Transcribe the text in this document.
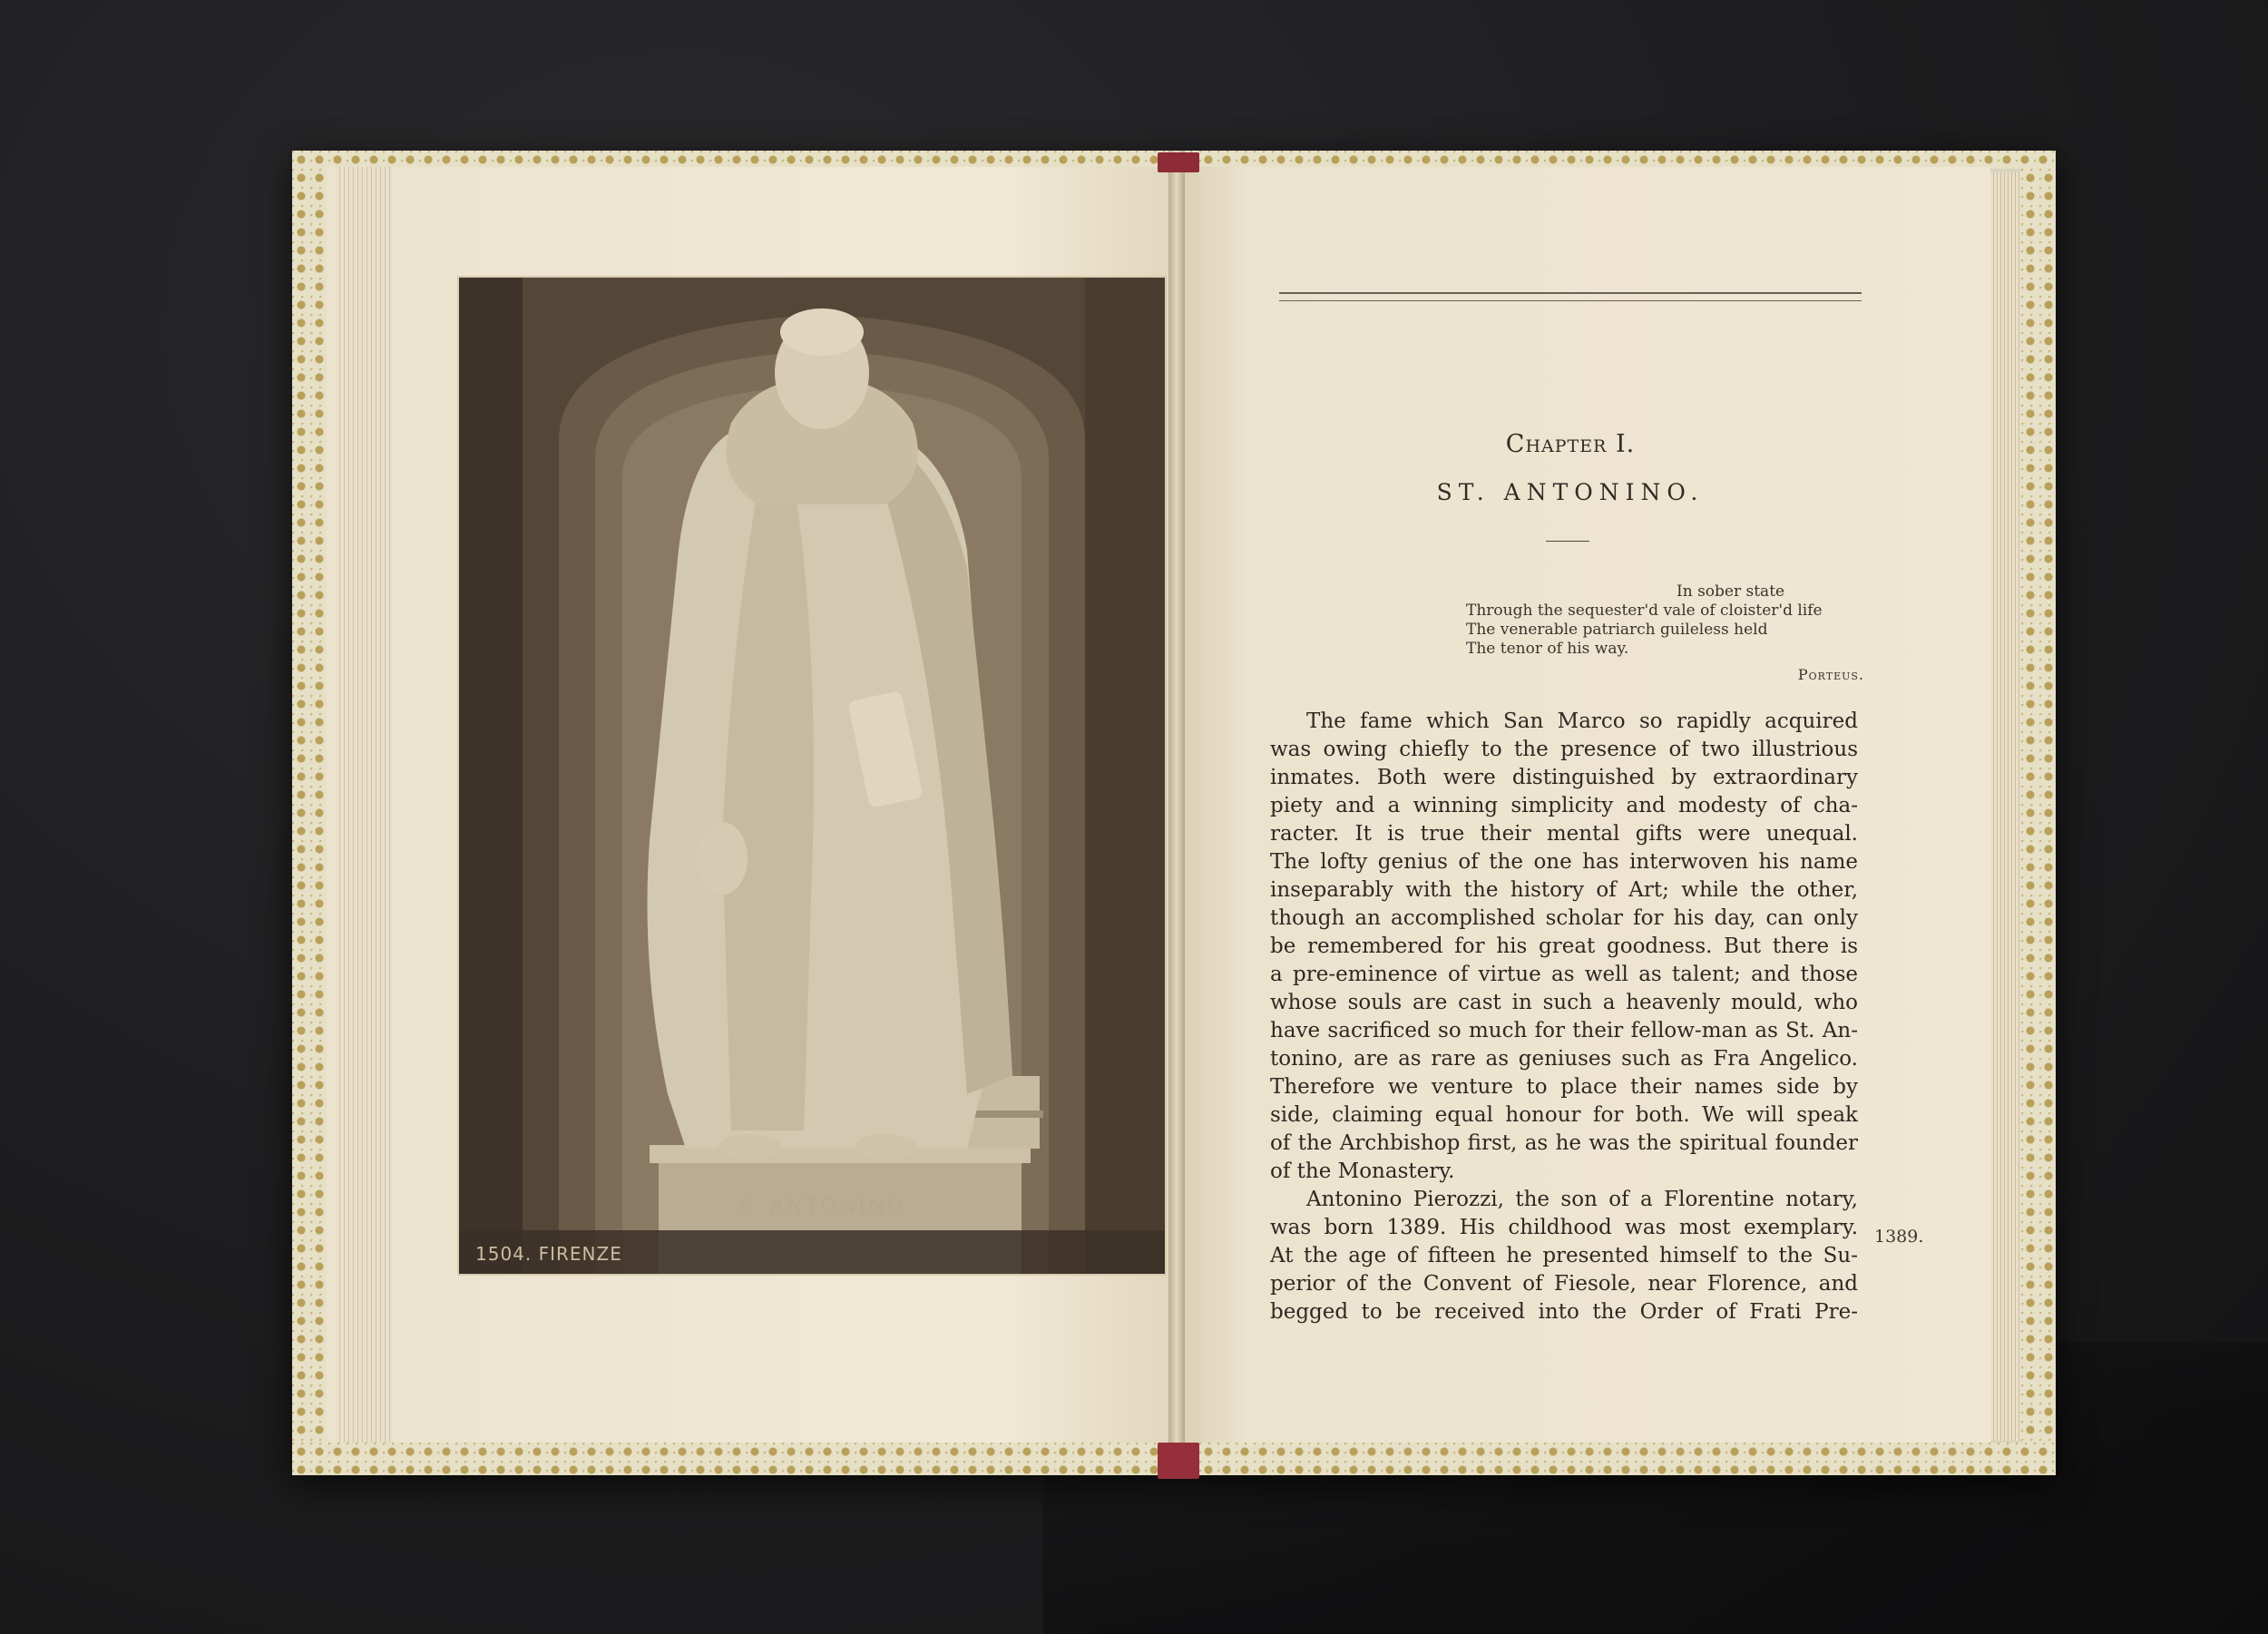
S. ANTONINO
1504. FIRENZE
Chapter I.
ST. ANTONINO.
In sober state
Through the sequester'd vale of cloister'd life
The venerable patriarch guileless held
The tenor of his way.
Porteus.
The fame which San Marco so rapidly acquired
was owing chiefly to the presence of two illustrious
inmates. Both were distinguished by extraordinary
piety and a winning simplicity and modesty of cha-
racter. It is true their mental gifts were unequal.
The lofty genius of the one has interwoven his name
inseparably with the history of Art; while the other,
though an accomplished scholar for his day, can only
be remembered for his great goodness. But there is
a pre-eminence of virtue as well as talent; and those
whose souls are cast in such a heavenly mould, who
have sacrificed so much for their fellow-man as St. An-
tonino, are as rare as geniuses such as Fra Angelico.
Therefore we venture to place their names side by
side, claiming equal honour for both. We will speak
of the Archbishop first, as he was the spiritual founder
of the Monastery.
Antonino Pierozzi, the son of a Florentine notary,
was born 1389. His childhood was most exemplary.
At the age of fifteen he presented himself to the Su-
perior of the Convent of Fiesole, near Florence, and
begged to be received into the Order of Frati Pre-
1389.
